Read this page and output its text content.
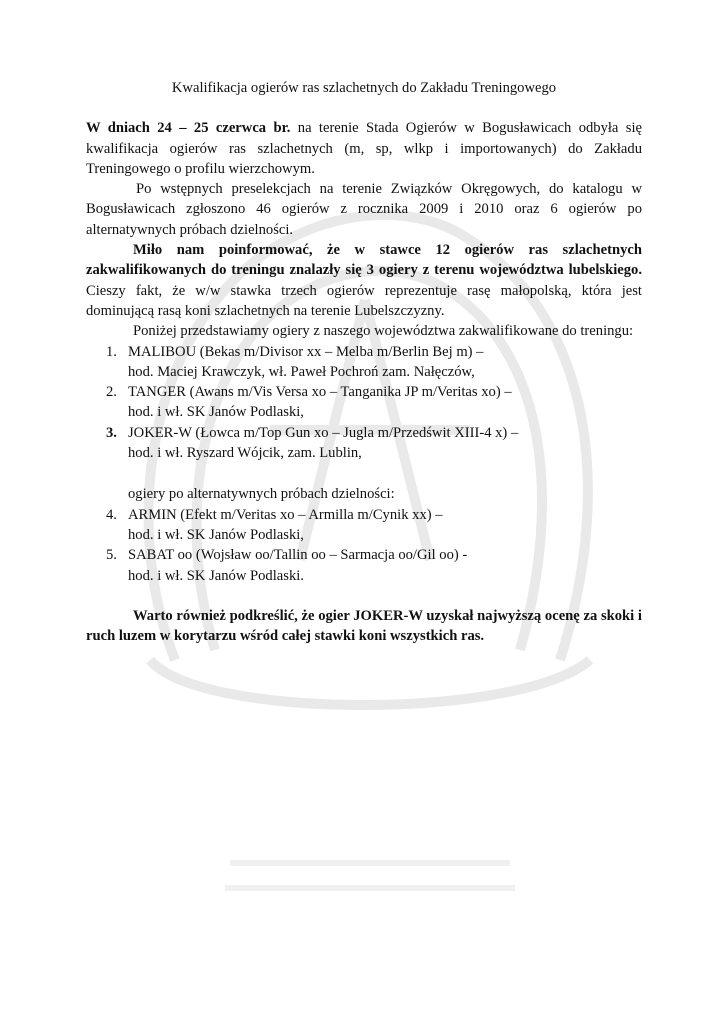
Kwalifikacja ogierów ras szlachetnych do Zakładu Treningowego

W dniach 24 – 25 czerwca br. na terenie Stada Ogierów w Bogusławicach odbyła się kwalifikacja ogierów ras szlachetnych (m, sp, wlkp i importowanych) do Zakładu Treningowego o profilu wierzchowym.

Po wstępnych preselekcjach na terenie Związków Okręgowych, do katalogu w Bogusławicach zgłoszono 46 ogierów z rocznika 2009 i 2010 oraz 6 ogierów po alternatywnych próbach dzielności.

Miło nam poinformować, że w stawce 12 ogierów ras szlachetnych zakwalifikowanych do treningu znalazły się 3 ogiery z terenu województwa lubelskiego. Cieszy fakt, że w/w stawka trzech ogierów reprezentuje rasę małopolską, która jest dominującą rasą koni szlachetnych na terenie Lubelszczyzny.

Poniżej przedstawiamy ogiery z naszego województwa zakwalifikowane do treningu:

1. MALIBOU (Bekas m/Divisor xx – Melba m/Berlin Bej m) –
hod. Maciej Krawczyk, wł. Paweł Pochroń zam. Nałęczów,
2. TANGER (Awans m/Vis Versa xo – Tanganika JP m/Veritas xo) –
hod. i wł. SK Janów Podlaski,
3. JOKER-W (Łowca m/Top Gun xo – Jugla m/Przedświt XIII-4 x) –
hod. i wł. Ryszard Wójcik, zam. Lublin,
ogiery po alternatywnych próbach dzielności:
4. ARMIN (Efekt m/Veritas xo – Armilla m/Cynik xx) –
hod. i wł. SK Janów Podlaski,
5. SABAT oo (Wojsław oo/Tallin oo – Sarmacja oo/Gil oo) -
hod. i wł. SK Janów Podlaski.

Warto również podkreślić, że ogier JOKER-W uzyskał najwyższą ocenę za skoki i ruch luzem w korytarzu wśród całej stawki koni wszystkich ras.
